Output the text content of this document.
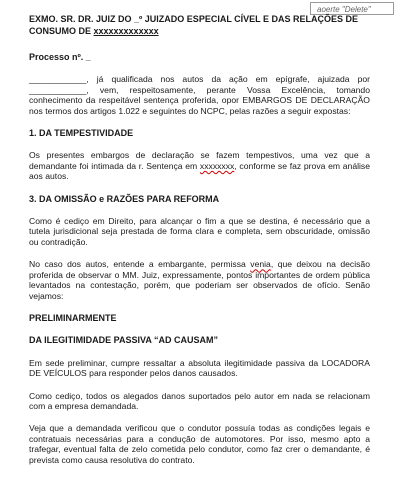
aoerte "Delete"
EXMO. SR. DR. JUIZ DO _º JUIZADO ESPECIAL CÍVEL E DAS RELAÇÕES DE CONSUMO DE xxxxxxxxxxxxx
Processo nº. _

____________, já qualificada nos autos da ação em epígrafe, ajuizada por ____________, vem, respeitosamente, perante Vossa Excelência, tomando conhecimento da respeitável sentença proferida, opor EMBARGOS DE DECLARAÇÃO nos termos dos artigos 1.022 e seguintes do NCPC, pelas razões a seguir expostas:

1. DA TEMPESTIVIDADE

Os presentes embargos de declaração se fazem tempestivos, uma vez que a demandante foi intimada da r. Sentença em xxxxxxxx, conforme se faz prova em análise aos autos.

3. DA OMISSÃO e RAZÕES PARA REFORMA

Como é cediço em Direito, para alcançar o fim a que se destina, é necessário que a tutela jurisdicional seja prestada de forma clara e completa, sem obscuridade, omissão ou contradição.

No caso dos autos, entende a embargante, permissa venia, que deixou na decisão proferida de observar o MM. Juiz, expressamente, pontos importantes de ordem pública levantados na contestação, porém, que poderiam ser observados de ofício. Senão vejamos:

PRELIMINARMENTE
DA ILEGITIMIDADE PASSIVA “AD CAUSAM”

Em sede preliminar, cumpre ressaltar a absoluta ilegitimidade passiva da LOCADORA DE VEÍCULOS para responder pelos danos causados.

Como cediço, todos os alegados danos suportados pelo autor em nada se relacionam com a empresa demandada.

Veja que a demandada verificou que o condutor possuía todas as condições legais e contratuais necessárias para a condução de automotores. Por isso, mesmo apto a trafegar, eventual falta de zelo cometida pelo condutor, como faz crer o demandante, é prevista como causa resolutiva do contrato.
